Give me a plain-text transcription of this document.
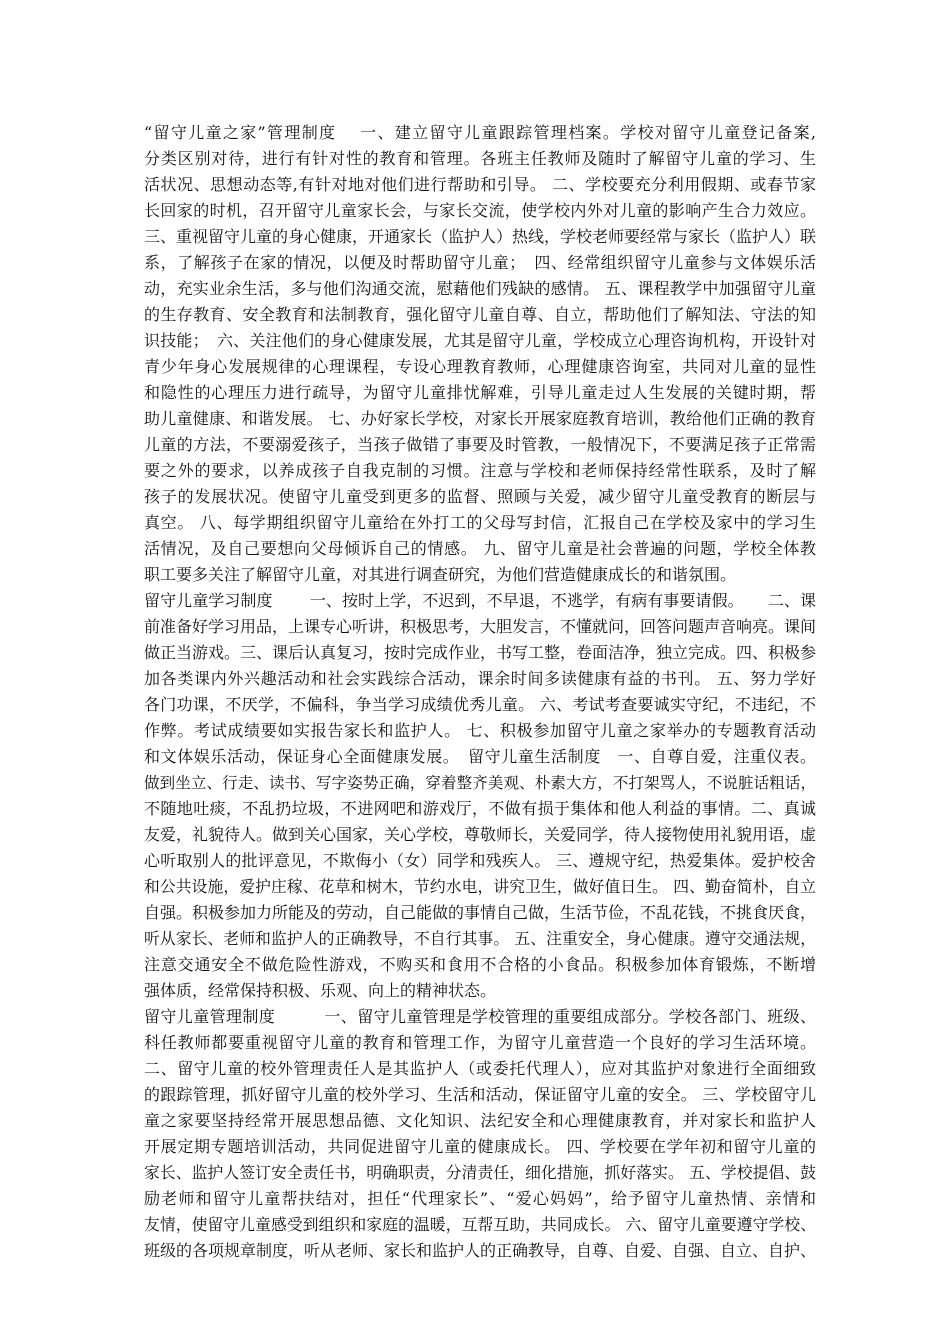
“留守儿童之家”管理制度　 一、建立留守儿童跟踪管理档案。学校对留守儿童登记备案,
分类区别对待，进行有针对性的教育和管理。各班主任教师及随时了解留守儿童的学习、生
活状况、思想动态等,有针对地对他们进行帮助和引导。 二、学校要充分利用假期、或春节家
长回家的时机，召开留守儿童家长会，与家长交流，使学校内外对儿童的影响产生合力效应。
三、重视留守儿童的身心健康，开通家长（监护人）热线，学校老师要经常与家长（监护人）联
系，了解孩子在家的情况，以便及时帮助留守儿童；　四、经常组织留守儿童参与文体娱乐活
动，充实业余生活，多与他们沟通交流，慰藉他们残缺的感情。 五、课程教学中加强留守儿童
的生存教育、安全教育和法制教育，强化留守儿童自尊、自立，帮助他们了解知法、守法的知
识技能；　六、关注他们的身心健康发展，尤其是留守儿童，学校成立心理咨询机构，开设针对
青少年身心发展规律的心理课程，专设心理教育教师，心理健康咨询室，共同对儿童的显性
和隐性的心理压力进行疏导，为留守儿童排忧解难，引导儿童走过人生发展的关键时期，帮
助儿童健康、和谐发展。 七、办好家长学校，对家长开展家庭教育培训，教给他们正确的教育
儿童的方法，不要溺爱孩子，当孩子做错了事要及时管教，一般情况下，不要满足孩子正常需
要之外的要求，以养成孩子自我克制的习惯。注意与学校和老师保持经常性联系，及时了解
孩子的发展状况。使留守儿童受到更多的监督、照顾与关爱，减少留守儿童受教育的断层与
真空。 八、每学期组织留守儿童给在外打工的父母写封信，汇报自己在学校及家中的学习生
活情况，及自己要想向父母倾诉自己的情感。 九、留守儿童是社会普遍的问题，学校全体教
职工要多关注了解留守儿童，对其进行调查研究，为他们营造健康成长的和谐氛围。
留守儿童学习制度　　 一、按时上学，不迟到，不早退，不逃学，有病有事要请假。　　二、课
前准备好学习用品，上课专心听讲，积极思考，大胆发言，不懂就问，回答问题声音响亮。课间
做正当游戏。三、课后认真复习，按时完成作业，书写工整，卷面洁净，独立完成。四、积极参
加各类课内外兴趣活动和社会实践综合活动，课余时间多读健康有益的书刊。 五、努力学好
各门功课，不厌学，不偏科，争当学习成绩优秀儿童。 六、考试考查要诚实守纪，不违纪，不
作弊。考试成绩要如实报告家长和监护人。 七、积极参加留守儿童之家举办的专题教育活动
和文体娱乐活动，保证身心全面健康发展。　留守儿童生活制度　一、自尊自爱，注重仪表。
做到坐立、行走、读书、写字姿势正确，穿着整齐美观、朴素大方，不打架骂人，不说脏话粗话，
不随地吐痰，不乱扔垃圾，不进网吧和游戏厅，不做有损于集体和他人利益的事情。二、真诚
友爱，礼貌待人。做到关心国家，关心学校，尊敬师长，关爱同学，待人接物使用礼貌用语，虚
心听取别人的批评意见，不欺侮小（女）同学和残疾人。 三、遵规守纪，热爱集体。爱护校舍
和公共设施，爱护庄稼、花草和树木，节约水电，讲究卫生，做好值日生。 四、勤奋简朴，自立
自强。积极参加力所能及的劳动，自己能做的事情自己做，生活节俭，不乱花钱，不挑食厌食，
听从家长、老师和监护人的正确教导，不自行其事。 五、注重安全，身心健康。遵守交通法规，
注意交通安全不做危险性游戏，不购买和食用不合格的小食品。积极参加体育锻炼，不断增
强体质，经常保持积极、乐观、向上的精神状态。
留守儿童管理制度　　　一、留守儿童管理是学校管理的重要组成部分。学校各部门、班级、
科任教师都要重视留守儿童的教育和管理工作，为留守儿童营造一个良好的学习生活环境。
二、留守儿童的校外管理责任人是其监护人（或委托代理人），应对其监护对象进行全面细致
的跟踪管理，抓好留守儿童的校外学习、生活和活动，保证留守儿童的安全。 三、学校留守儿
童之家要坚持经常开展思想品德、文化知识、法纪安全和心理健康教育，并对家长和监护人
开展定期专题培训活动，共同促进留守儿童的健康成长。 四、学校要在学年初和留守儿童的
家长、监护人签订安全责任书，明确职责，分清责任，细化措施，抓好落实。 五、学校提倡、鼓
励老师和留守儿童帮扶结对，担任“代理家长”、“爱心妈妈”，给予留守儿童热情、亲情和
友情，使留守儿童感受到组织和家庭的温暖，互帮互助，共同成长。 六、留守儿童要遵守学校、
班级的各项规章制度，听从老师、家长和监护人的正确教导，自尊、自爱、自强、自立、自护、
